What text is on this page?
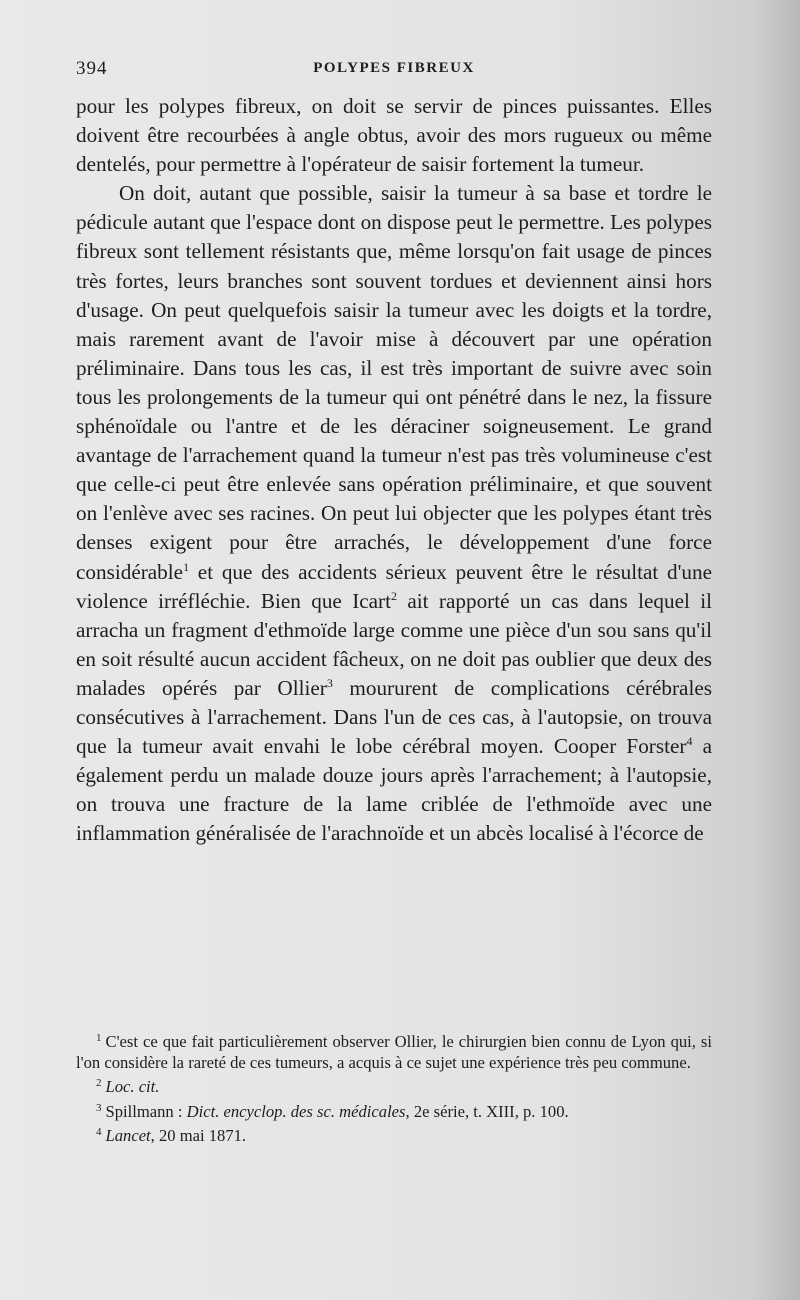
394	POLYPES FIBREUX

pour les polypes fibreux, on doit se servir de pinces puissantes. Elles doivent être recourbées à angle obtus, avoir des mors rugueux ou même dentelés, pour permettre à l'opérateur de saisir fortement la tumeur.

On doit, autant que possible, saisir la tumeur à sa base et tordre le pédicule autant que l'espace dont on dispose peut le permettre. Les polypes fibreux sont tellement résistants que, même lorsqu'on fait usage de pinces très fortes, leurs branches sont souvent tordues et deviennent ainsi hors d'usage. On peut quelquefois saisir la tumeur avec les doigts et la tordre, mais rarement avant de l'avoir mise à découvert par une opération préliminaire. Dans tous les cas, il est très important de suivre avec soin tous les prolongements de la tumeur qui ont pénétré dans le nez, la fissure sphénoïdale ou l'antre et de les déraciner soigneusement. Le grand avantage de l'arrachement quand la tumeur n'est pas très volumineuse c'est que celle-ci peut être enlevée sans opération préliminaire, et que souvent on l'enlève avec ses racines. On peut lui objecter que les polypes étant très denses exigent pour être arrachés, le développement d'une force considérable$^1$ et que des accidents sérieux peuvent être le résultat d'une violence irréfléchie. Bien que Icart$^2$ ait rapporté un cas dans lequel il arracha un fragment d'ethmoïde large comme une pièce d'un sou sans qu'il en soit résulté aucun accident fâcheux, on ne doit pas oublier que deux des malades opérés par Ollier$^3$ moururent de complications cérébrales consécutives à l'arrachement. Dans l'un de ces cas, à l'autopsie, on trouva que la tumeur avait envahi le lobe cérébral moyen. Cooper Forster$^4$ a également perdu un malade douze jours après l'arrachement; à l'autopsie, on trouva une fracture de la lame criblée de l'ethmoïde avec une inflammation généralisée de l'arachnoïde et un abcès localisé à l'écorce de

$^1$ C'est ce que fait particulièrement observer Ollier, le chirurgien bien connu de Lyon qui, si l'on considère la rareté de ces tumeurs, a acquis à ce sujet une expérience très peu commune.

$^2$ Loc. cit.

$^3$ Spillmann : Dict. encyclop. des sc. médicales, 2e série, t. XIII, p. 100.

$^4$ Lancet, 20 mai 1871.
